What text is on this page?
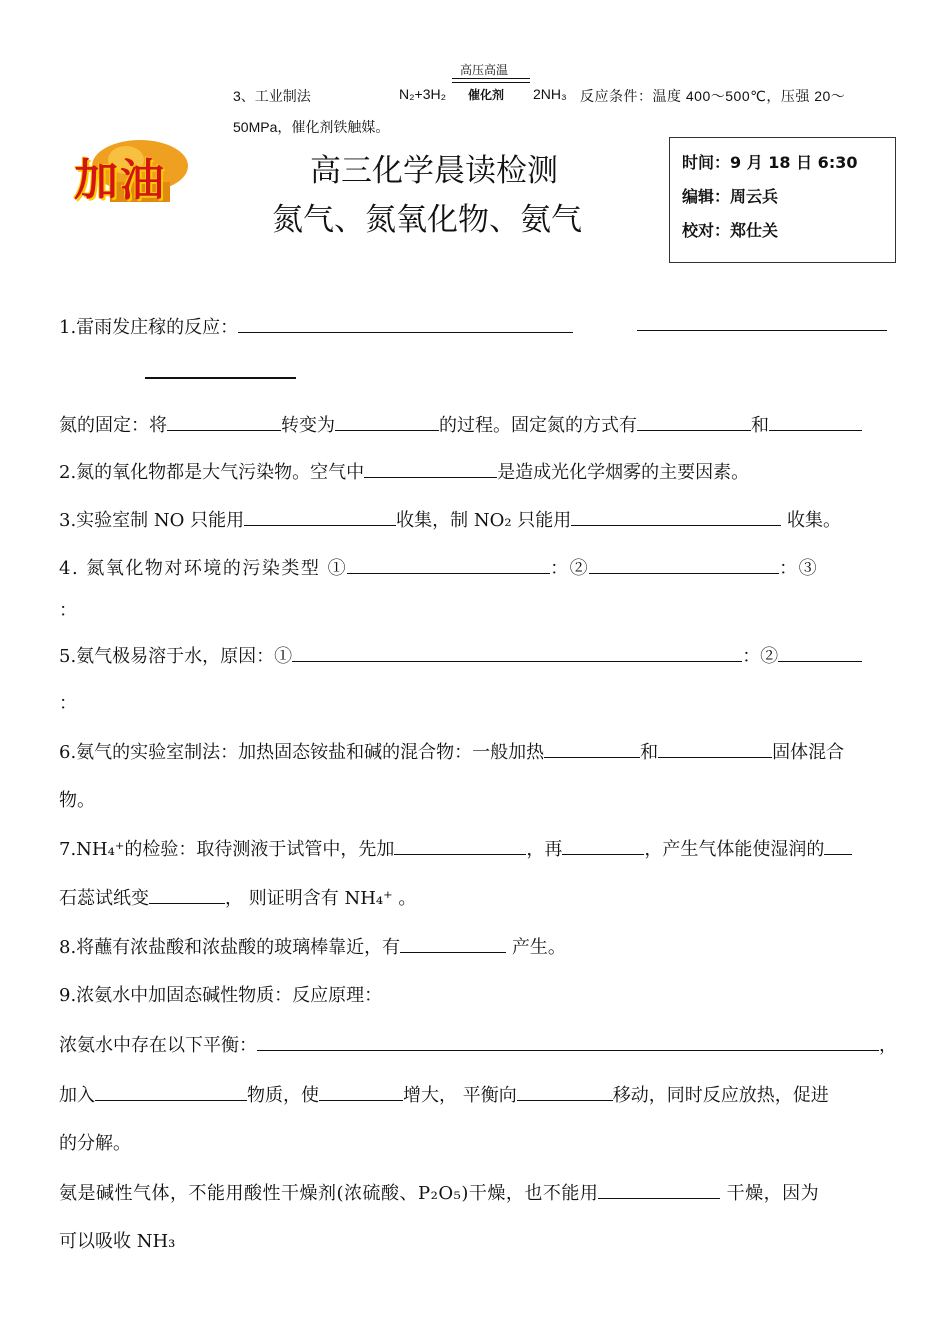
3、工业制法	N₂+3H₂
高压高温
催化剂 2NH₃ 反应条件：温度 400～500℃，压强 20～
50MPa，催化剂铁触媒。
加油	高三化学晨读检测
氮气、氮氧化物、氨气
时间：9 月 18 日 6:30
编辑：周云兵
校对：郑仕关
1.雷雨发庄稼的反应：
氮的固定：将	转变为	的过程。固定氮的方式有	和
2.氮的氧化物都是大气污染物。空气中	是造成光化学烟雾的主要因素。
3.实验室制 NO 只能用	收集，制 NO₂ 只能用	收集。
4. 氮氧化物对环境的污染类型 ①	：②	：③
：
5.氨气极易溶于水，原因：①	：②
：
6.氨气的实验室制法：加热固态铵盐和碱的混合物：一般加热	和	固体混合
物。
7.NH₄⁺的检验：取待测液于试管中，先加	，再	，产生气体能使湿润的
石蕊试纸变	， 则证明含有 NH₄⁺ 。
8.将蘸有浓盐酸和浓盐酸的玻璃棒靠近，有	产生。
9.浓氨水中加固态碱性物质：反应原理：
浓氨水中存在以下平衡：	，
加入	物质，使	增大， 平衡向	移动，同时反应放热，促进
的分解。
氨是碱性气体，不能用酸性干燥剂(浓硫酸、P₂O₅)干燥，也不能用	干燥，因为
可以吸收 NH₃
